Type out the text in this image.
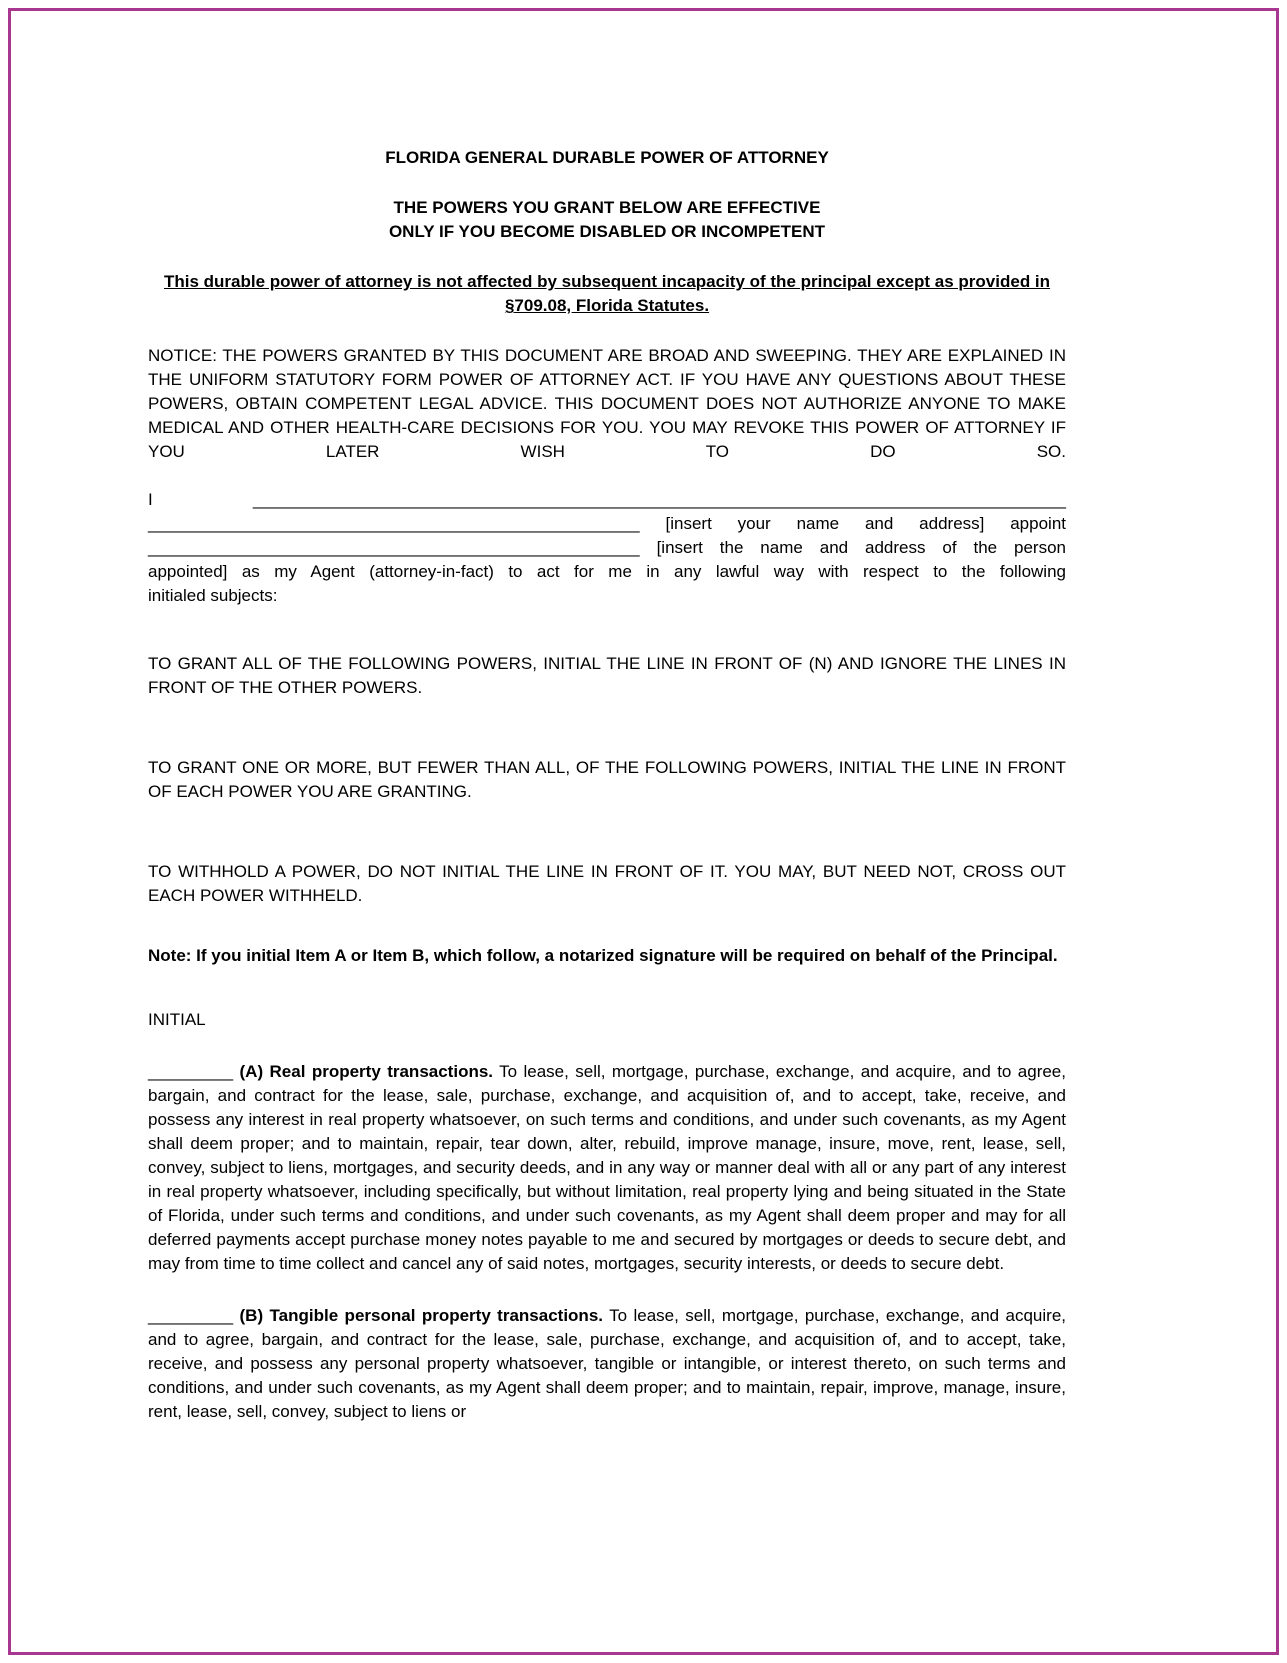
FLORIDA GENERAL DURABLE POWER OF ATTORNEY
THE POWERS YOU GRANT BELOW ARE EFFECTIVE
ONLY IF YOU BECOME DISABLED OR INCOMPETENT
This durable power of attorney is not affected by subsequent incapacity of the principal except as provided in §709.08, Florida Statutes.

NOTICE: THE POWERS GRANTED BY THIS DOCUMENT ARE BROAD AND SWEEPING. THEY ARE EXPLAINED IN THE UNIFORM STATUTORY FORM POWER OF ATTORNEY ACT. IF YOU HAVE ANY QUESTIONS ABOUT THESE POWERS, OBTAIN COMPETENT LEGAL ADVICE. THIS DOCUMENT DOES NOT AUTHORIZE ANYONE TO MAKE MEDICAL AND OTHER HEALTH-CARE DECISIONS FOR YOU. YOU MAY REVOKE THIS POWER OF ATTORNEY IF YOU LATER WISH TO DO SO.

I	______________________________________________________________________________________
____________________________________________________ [insert your name and address] appoint
____________________________________________________ [insert the name and address of the person
appointed] as my Agent (attorney-in-fact) to act for me in any lawful way with respect to the following
initialed subjects:

TO GRANT ALL OF THE FOLLOWING POWERS, INITIAL THE LINE IN FRONT OF (N) AND IGNORE THE LINES IN FRONT OF THE OTHER POWERS.

TO GRANT ONE OR MORE, BUT FEWER THAN ALL, OF THE FOLLOWING POWERS, INITIAL THE LINE IN FRONT OF EACH POWER YOU ARE GRANTING.

TO WITHHOLD A POWER, DO NOT INITIAL THE LINE IN FRONT OF IT. YOU MAY, BUT NEED NOT, CROSS OUT EACH POWER WITHHELD.

Note: If you initial Item A or Item B, which follow, a notarized signature will be required on behalf of the Principal.

INITIAL

_________ (A) Real property transactions. To lease, sell, mortgage, purchase, exchange, and acquire, and to agree, bargain, and contract for the lease, sale, purchase, exchange, and acquisition of, and to accept, take, receive, and possess any interest in real property whatsoever, on such terms and conditions, and under such covenants, as my Agent shall deem proper; and to maintain, repair, tear down, alter, rebuild, improve manage, insure, move, rent, lease, sell, convey, subject to liens, mortgages, and security deeds, and in any way or manner deal with all or any part of any interest in real property whatsoever, including specifically, but without limitation, real property lying and being situated in the State of Florida, under such terms and conditions, and under such covenants, as my Agent shall deem proper and may for all deferred payments accept purchase money notes payable to me and secured by mortgages or deeds to secure debt, and may from time to time collect and cancel any of said notes, mortgages, security interests, or deeds to secure debt.

_________ (B) Tangible personal property transactions. To lease, sell, mortgage, purchase, exchange, and acquire, and to agree, bargain, and contract for the lease, sale, purchase, exchange, and acquisition of, and to accept, take, receive, and possess any personal property whatsoever, tangible or intangible, or interest thereto, on such terms and conditions, and under such covenants, as my Agent shall deem proper; and to maintain, repair, improve, manage, insure, rent, lease, sell, convey, subject to liens or
